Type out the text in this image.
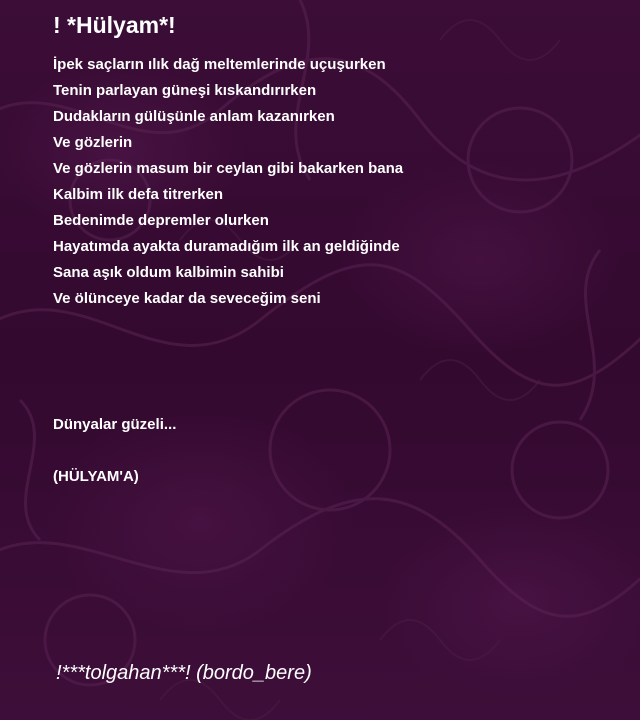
! *Hülyam*!
İpek saçların ılık dağ meltemlerinde uçuşurken
Tenin parlayan güneşi kıskandırırken
Dudakların gülüşünle anlam kazanırken
Ve gözlerin
Ve gözlerin masum bir ceylan gibi bakarken bana
Kalbim ilk defa titrerken
Bedenimde depremler olurken
Hayatımda ayakta duramadığım ilk an geldiğinde
Sana aşık oldum kalbimin sahibi
Ve ölünceye kadar da seveceğim seni
Dünyalar güzeli...
(HÜLYAM'A)
!***tolgahan***! (bordo_bere)
